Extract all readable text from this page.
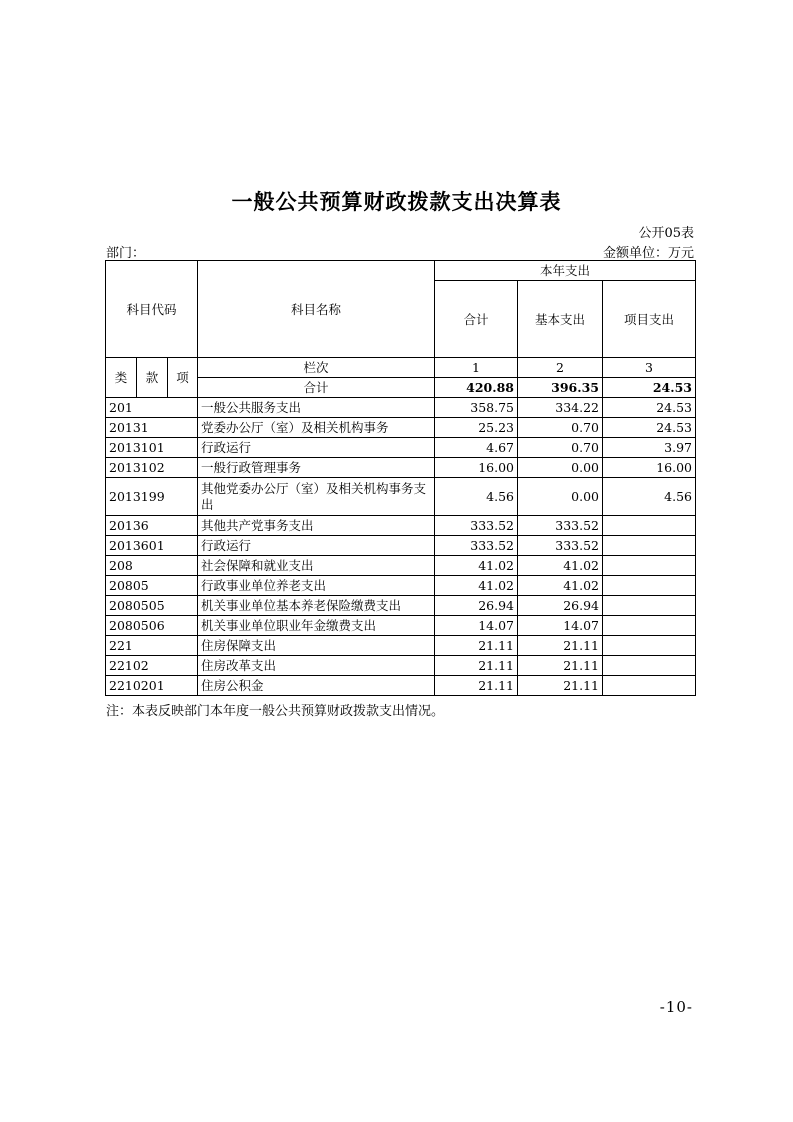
一般公共预算财政拨款支出决算表
公开05表
部门：	金额单位：万元
科目代码			科目名称	本年支出		
				合计	基本支出	项目支出
类	款	项	栏次	1	2	3
			合计	420.88	396.35	24.53
201			一般公共服务支出	358.75	334.22	24.53
20131			党委办公厅（室）及相关机构事务	25.23	0.70	24.53
2013101			行政运行	4.67	0.70	3.97
2013102			一般行政管理事务	16.00	0.00	16.00
2013199			其他党委办公厅（室）及相关机构事务支出	4.56	0.00	4.56
20136			其他共产党事务支出	333.52	333.52	
2013601			行政运行	333.52	333.52	
208			社会保障和就业支出	41.02	41.02	
20805			行政事业单位养老支出	41.02	41.02	
2080505			机关事业单位基本养老保险缴费支出	26.94	26.94	
2080506			机关事业单位职业年金缴费支出	14.07	14.07	
221			住房保障支出	21.11	21.11	
22102			住房改革支出	21.11	21.11	
2210201			住房公积金	21.11	21.11	
注：本表反映部门本年度一般公共预算财政拨款支出情况。
-10-
